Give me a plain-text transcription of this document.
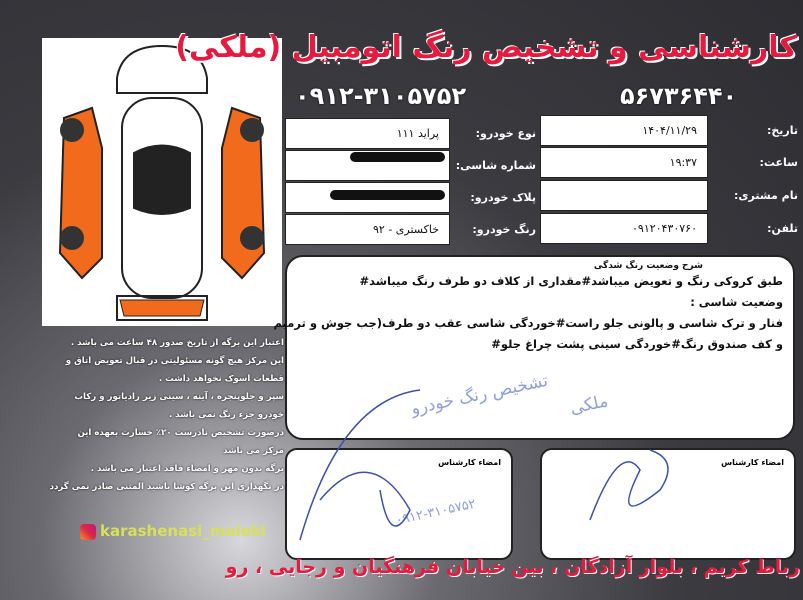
کارشناسی و تشخیص رنگ اتومبیل (ملکی)
۰۹۱۲-۳۱۰۵۷۵۲	۵۶۷۳۶۴۴۰
پراید ۱۱۱
خاکستری - ۹۲
نوع خودرو:
شماره شاسی:
پلاک خودرو:
رنگ خودرو:
۱۴۰۴/۱۱/۲۹
۱۹:۳۷
۰۹۱۲۰۴۳۰۷۶۰
تاریخ:
ساعت:
نام مشتری:
تلفن:
شرح وضعیت رنگ شدگی

طبق کروکی رنگ و تعویض میباشد#مقداری از کلاف دو طرف رنگ میباشد#

وضعیت شاسی :

فنار و ترک شاسی و پالونی جلو راست#خوردگی شاسی عقب دو طرف(جب جوش و ترمیم

و کف صندوق رنگ#خوردگی سینی پشت چراغ جلو#

تشخیص رنگ خودرو ملکی
امضاء کارشناس	امضاء کارشناس
۰۹۱۲-۳۱۰۵۷۵۲
اعتبار این برگه از تاریخ صدور ۴۸ ساعت می باشد .
این مرکز هیچ گونه مسئولیتی در قبال تعویض اتاق و
قطعات اسوک نخواهد داشت .
سپر و جلوپنجره ، آینه ، سینی زیر رادیاتور و رکاب
خودرو جزء رنگ نمی باشد .
درصورت تشخیص نادرست ۲۰٪ خسارت بعهده این
مرکز می باشد
برگه بدون مهر و امضاء فاقد اعتبار می باشد .
در نگهداری این برگه کوشا باشید المثنی صادر نمی گردد
karashenasi_maleki
رباط کریم ، بلوار آزادگان ، بین خیابان فرهنگیان و رجایی ، رو
